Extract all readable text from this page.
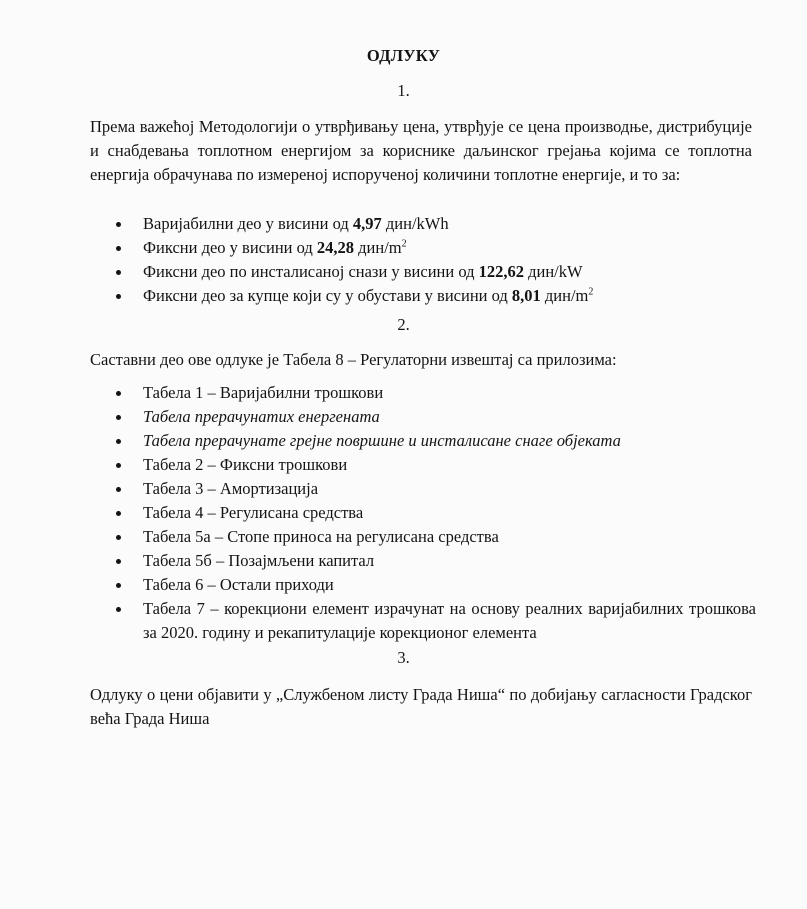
ОДЛУКУ
1.
Према важећој Методологији о утврђивању цена, утврђује се цена производње, дистрибуције и снабдевања топлотном енергијом за кориснике даљинског грејања којима се топлотна енергија обрачунава по измереној испорученој количини топлотне енергије, и то за:
Варијабилни део у висини од 4,97 дин/kWh
Фиксни део у висини од 24,28 дин/$m^2$
Фиксни део по инсталисаној снази у висини од 122,62 дин/kW
Фиксни део за купце који су у обустави у висини од 8,01 дин/$m^2$
2.
Саставни део ове одлуке је Табела 8 – Регулаторни извештај са прилозима:
Табела 1 – Варијабилни трошкови
Табела прерачунатих енергената
Табела прерачунате грејне површине и инсталисане снаге објеката
Табела 2 – Фиксни трошкови
Табела 3 – Амортизација
Табела 4 – Регулисана средства
Табела 5а – Стопе приноса на регулисана средства
Табела 5б – Позајмљени капитал
Табела 6 – Остали приходи
Табела 7 – корекциони елемент израчунат на основу реалних варијабилних трошкова за 2020. годину и рекапитулације корекционог елемента
3.
Одлуку о цени објавити у „Службеном листу Града Ниша“ по добијању сагласности Градског већа Града Ниша
